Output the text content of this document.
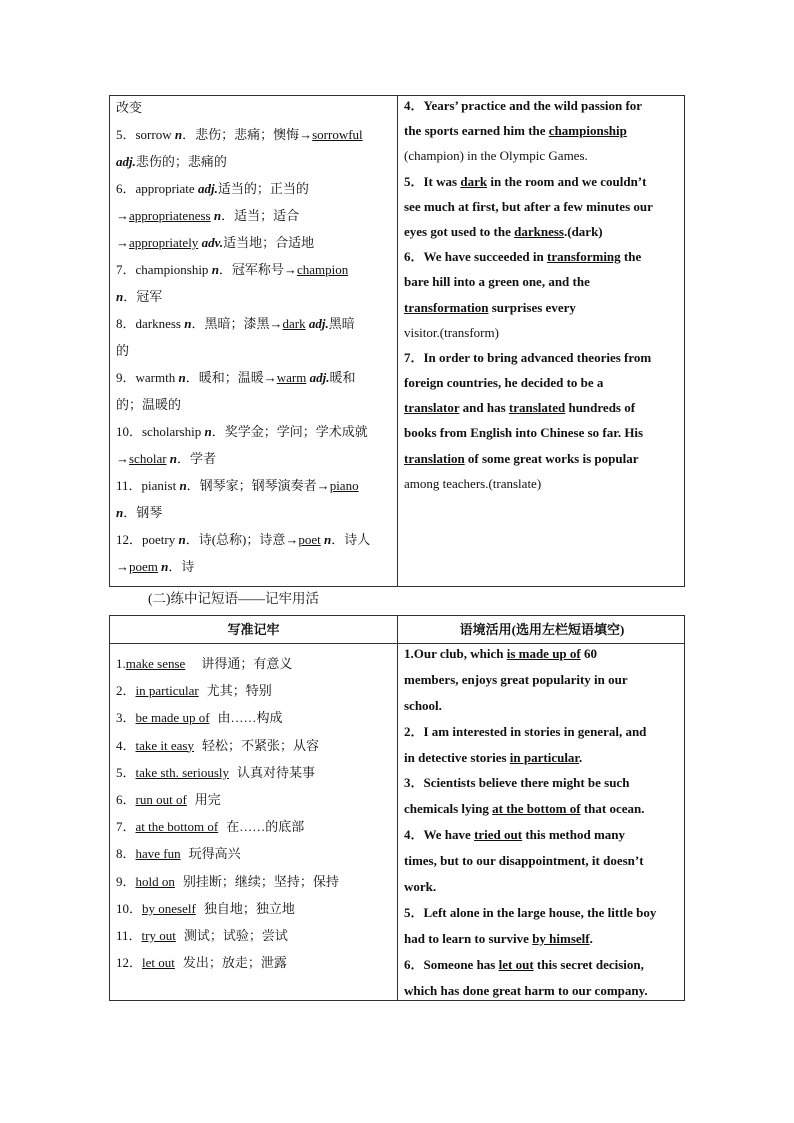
改变
5．sorrow n．悲伤；悲痛；懊悔→sorrowful
adj.悲伤的；悲痛的
6．appropriate adj.适当的；正当的
→appropriateness n．适当；适合
→appropriately adv.适当地；合适地
7．championship n．冠军称号→champion
n．冠军
8．darkness n．黑暗；漆黑→dark adj.黑暗
的
9．warmth n．暖和；温暖→warm adj.暖和
的；温暖的
10．scholarship n．奖学金；学问；学术成就
→scholar n．学者
11．pianist n．钢琴家；钢琴演奏者→piano
n．钢琴
12．poetry n．诗(总称)；诗意→poet n．诗人
→poem n．诗
4．Years’ practice and the wild passion for
the sports earned him the championship
(champion) in the Olympic Games.
5．It was dark in the room and we couldn’t
see much at first, but after a few minutes our
eyes got used to the darkness.(dark)
6．We have succeeded in transforming the
bare hill into a green one, and the
transformation surprises every
visitor.(transform)
7．In order to bring advanced theories from
foreign countries, he decided to be a
translator and has translated hundreds of
books from English into Chinese so far. His
translation of some great works is popular
among teachers.(translate)
(二)练中记短语——记牢用活
写准记牢	语境活用(选用左栏短语填空)
1.make sense 讲得通；有意义
2．in particular 尤其；特别
3．be made up of 由……构成
4．take it easy 轻松；不紧张；从容
5．take sth. seriously 认真对待某事
6．run out of 用完
7．at the bottom of 在……的底部
8．have fun 玩得高兴
9．hold on 别挂断；继续；坚持；保持
10．by oneself 独自地；独立地
11．try out 测试；试验；尝试
12．let out 发出；放走；泄露
1.Our club, which is made up of 60
members, enjoys great popularity in our
school.
2．I am interested in stories in general, and
in detective stories in particular.
3．Scientists believe there might be such
chemicals lying at the bottom of that ocean.
4．We have tried out this method many
times, but to our disappointment, it doesn’t
work.
5．Left alone in the large house, the little boy
had to learn to survive by himself.
6．Someone has let out this secret decision,
which has done great harm to our company.
